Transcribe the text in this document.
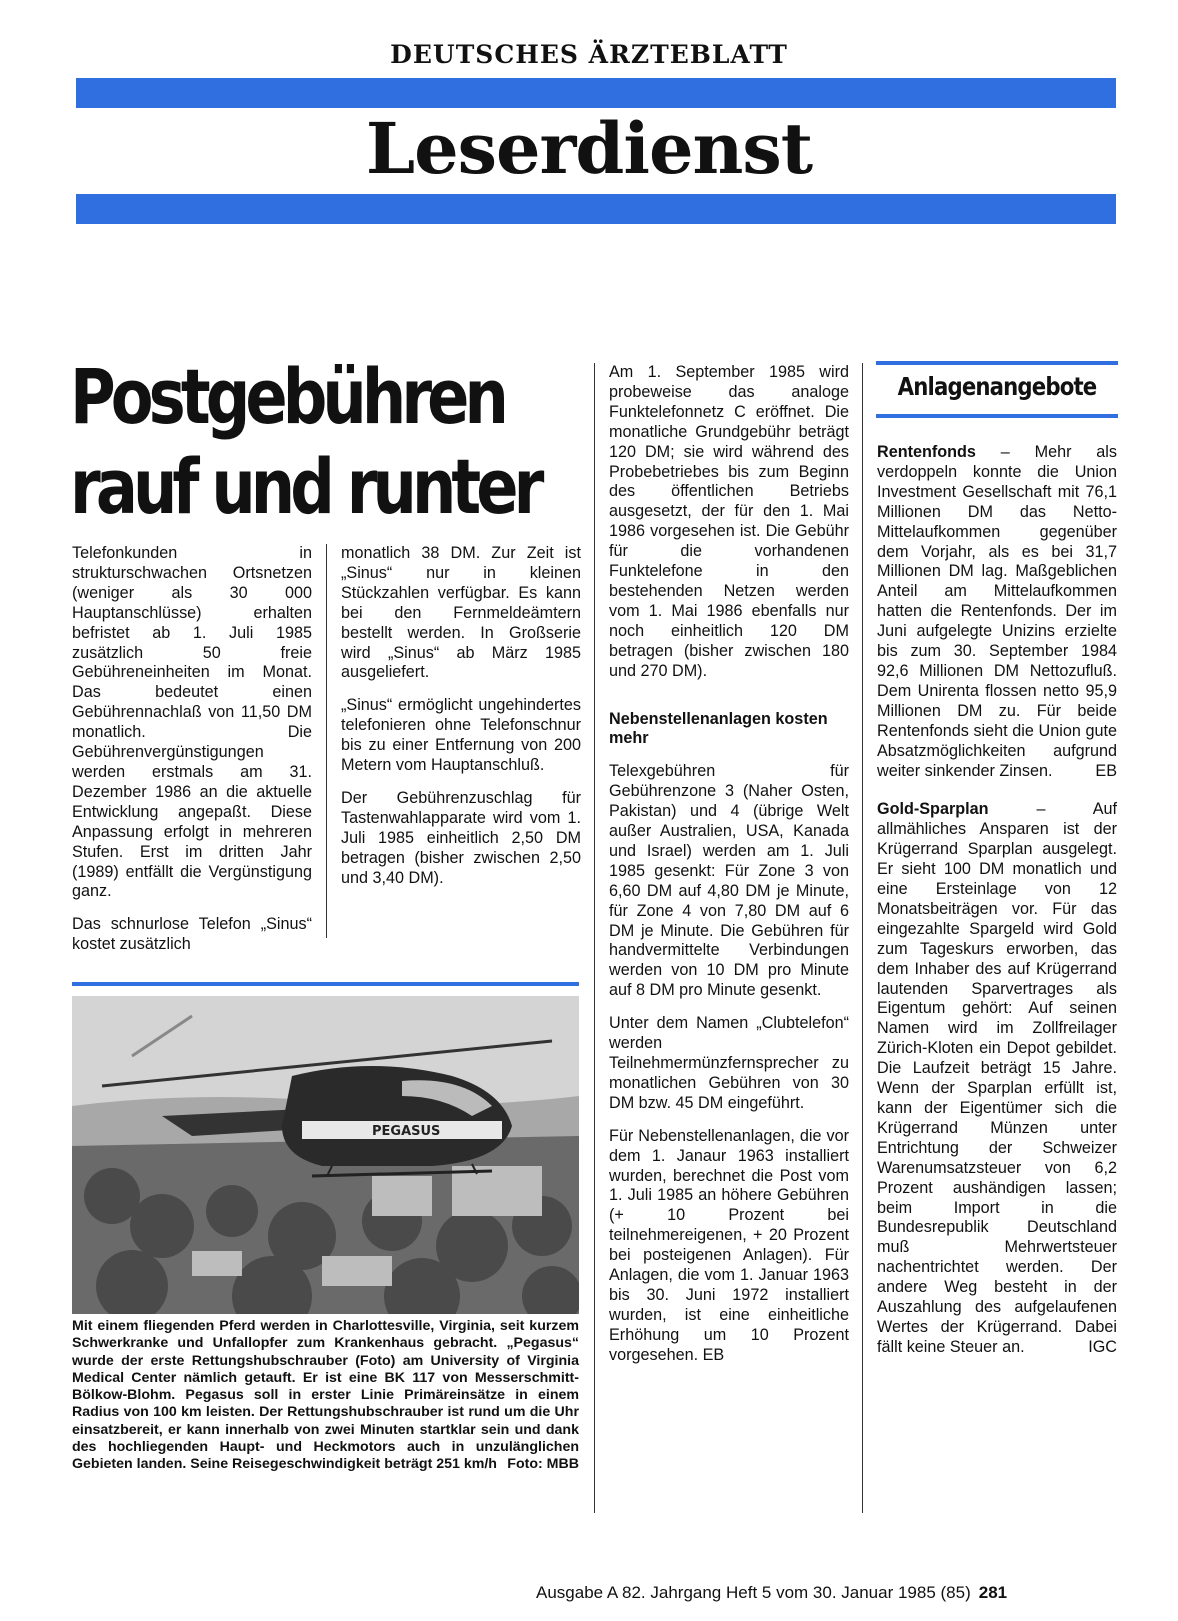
DEUTSCHES ÄRZTEBLATT
Leserdienst
Postgebühren
rauf und runter

Telefonkunden in strukturschwachen Ortsnetzen (weniger als 30 000 Hauptanschlüsse) erhalten befristet ab 1. Juli 1985 zusätzlich 50 freie Gebühreneinheiten im Monat. Das bedeutet einen Gebührennachlaß von 11,50 DM monatlich. Die Gebührenvergünstigungen werden erstmals am 31. Dezember 1986 an die aktuelle Entwicklung angepaßt. Diese Anpassung erfolgt in mehreren Stufen. Erst im dritten Jahr (1989) entfällt die Vergünstigung ganz.

Das schnurlose Telefon „Sinus“ kostet zusätzlich

monatlich 38 DM. Zur Zeit ist „Sinus“ nur in kleinen Stückzahlen verfügbar. Es kann bei den Fernmeldeämtern bestellt werden. In Großserie wird „Sinus“ ab März 1985 ausgeliefert.

„Sinus“ ermöglicht ungehindertes telefonieren ohne Telefonschnur bis zu einer Entfernung von 200 Metern vom Hauptanschluß.

Der Gebührenzuschlag für Tastenwahlapparate wird vom 1. Juli 1985 einheitlich 2,50 DM betragen (bisher zwischen 2,50 und 3,40 DM).

Am 1. September 1985 wird probeweise das analoge Funktelefonnetz C eröffnet. Die monatliche Grundgebühr beträgt 120 DM; sie wird während des Probebetriebes bis zum Beginn des öffentlichen Betriebs ausgesetzt, der für den 1. Mai 1986 vorgesehen ist. Die Gebühr für die vorhandenen Funktelefone in den bestehenden Netzen werden vom 1. Mai 1986 ebenfalls nur noch einheitlich 120 DM betragen (bisher zwischen 180 und 270 DM).

Nebenstellenanlagen kosten mehr

Telexgebühren für Gebührenzone 3 (Naher Osten, Pakistan) und 4 (übrige Welt außer Australien, USA, Kanada und Israel) werden am 1. Juli 1985 gesenkt: Für Zone 3 von 6,60 DM auf 4,80 DM je Minute, für Zone 4 von 7,80 DM auf 6 DM je Minute. Die Gebühren für handvermittelte Verbindungen werden von 10 DM pro Minute auf 8 DM pro Minute gesenkt.

Unter dem Namen „Clubtelefon“ werden Teilnehmermünzfernsprecher zu monatlichen Gebühren von 30 DM bzw. 45 DM eingeführt.

Für Nebenstellenanlagen, die vor dem 1. Janaur 1963 installiert wurden, berechnet die Post vom 1. Juli 1985 an höhere Gebühren (+ 10 Prozent bei teilnehmereigenen, + 20 Prozent bei posteigenen Anlagen). Für Anlagen, die vom 1. Januar 1963 bis 30. Juni 1972 installiert wurden, ist eine einheitliche Erhöhung um 10 Prozent vorgesehen. EB

Anlagenangebote

Rentenfonds – Mehr als verdoppeln konnte die Union Investment Gesellschaft mit 76,1 Millionen DM das Netto-Mittelaufkommen gegenüber dem Vorjahr, als es bei 31,7 Millionen DM lag. Maßgeblichen Anteil am Mittelaufkommen hatten die Rentenfonds. Der im Juni aufgelegte Unizins erzielte bis zum 30. September 1984 92,6 Millionen DM Nettozufluß. Dem Unirenta flossen netto 95,9 Millionen DM zu. Für beide Rentenfonds sieht die Union gute Absatzmöglichkeiten aufgrund weiter sinkender Zinsen.	EB

Gold-Sparplan – Auf allmähliches Ansparen ist der Krügerrand Sparplan ausgelegt. Er sieht 100 DM monatlich und eine Ersteinlage von 12 Monatsbeiträgen vor. Für das eingezahlte Spargeld wird Gold zum Tageskurs erworben, das dem Inhaber des auf Krügerrand lautenden Sparvertrages als Eigentum gehört: Auf seinen Namen wird im Zollfreilager Zürich-Kloten ein Depot gebildet. Die Laufzeit beträgt 15 Jahre. Wenn der Sparplan erfüllt ist, kann der Eigentümer sich die Krügerrand Münzen unter Entrichtung der Schweizer Warenumsatzsteuer von 6,2 Prozent aushändigen lassen; beim Import in die Bundesrepublik Deutschland muß Mehrwertsteuer nachentrichtet werden. Der andere Weg besteht in der Auszahlung des aufgelaufenen Wertes der Krügerrand. Dabei fällt keine Steuer an.	IGC

PEGASUS
Mit einem fliegenden Pferd werden in Charlottesville, Virginia, seit kurzem Schwerkranke und Unfallopfer zum Krankenhaus gebracht. „Pegasus“ wurde der erste Rettungshubschrauber (Foto) am University of Virginia Medical Center nämlich getauft. Er ist eine BK 117 von Messerschmitt-Bölkow-Blohm. Pegasus soll in erster Linie Primäreinsätze in einem Radius von 100 km leisten. Der Rettungshubschrauber ist rund um die Uhr einsatzbereit, er kann innerhalb von zwei Minuten startklar sein und dank des hochliegenden Haupt- und Heckmotors auch in unzulänglichen Gebieten landen. Seine Reisegeschwindigkeit beträgt 251 km/h Foto: MBB
Ausgabe A 82. Jahrgang Heft 5 vom 30. Januar 1985 (85) 281
